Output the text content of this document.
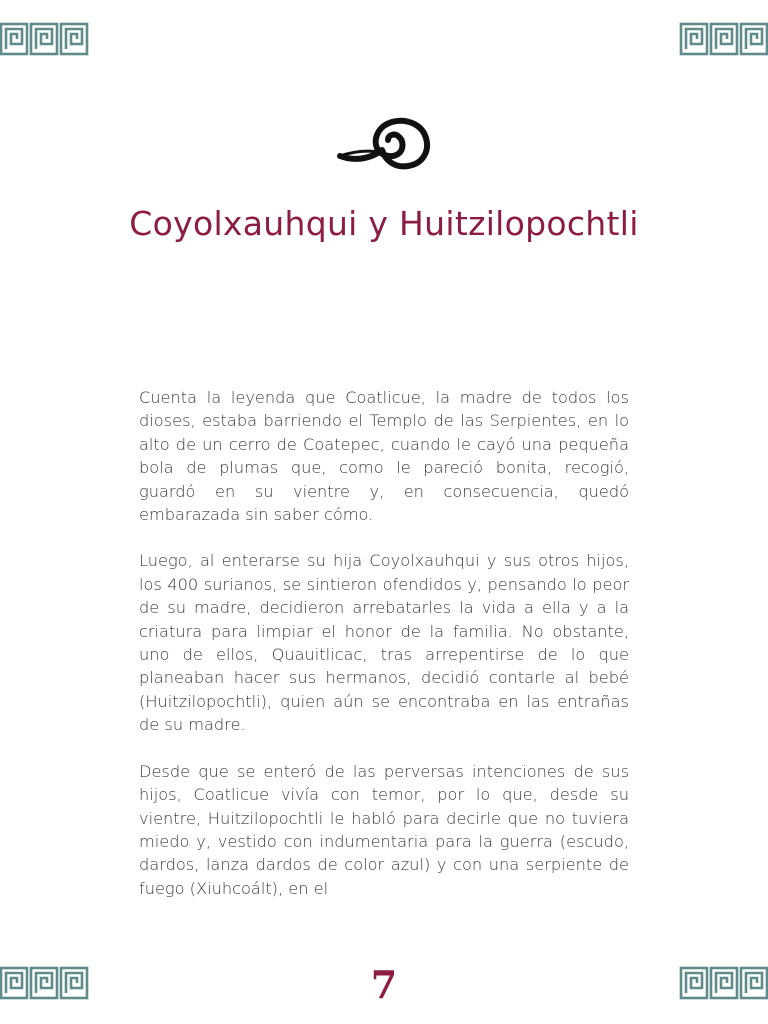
Coyolxauhqui y Huitzilopochtli

Cuenta la leyenda que Coatlicue, la madre de todos los dioses, estaba barriendo el Templo de las Serpientes, en lo alto de un cerro de Coatepec, cuando le cayó una pequeña bola de plumas que, como le pareció bonita, recogió, guardó en su vientre y, en consecuencia, quedó embarazada sin saber cómo.

Luego, al enterarse su hija Coyolxauhqui y sus otros hijos, los 400 surianos, se sintieron ofendidos y, pensando lo peor de su madre, decidieron arrebatarles la vida a ella y a la criatura para limpiar el honor de la familia. No obstante, uno de ellos, Quauitlicac, tras arrepentirse de lo que planeaban hacer sus hermanos, decidió contarle al bebé (Huitzilopochtli), quien aún se encontraba en las entrañas de su madre.

Desde que se enteró de las perversas intenciones de sus hijos, Coatlicue vivía con temor, por lo que, desde su vientre, Huitzilopochtli le habló para decirle que no tuviera miedo y, vestido con indumentaria para la guerra (escudo, dardos, lanza dardos de color azul) y con una serpiente de fuego (Xiuhcoált), en el

7
